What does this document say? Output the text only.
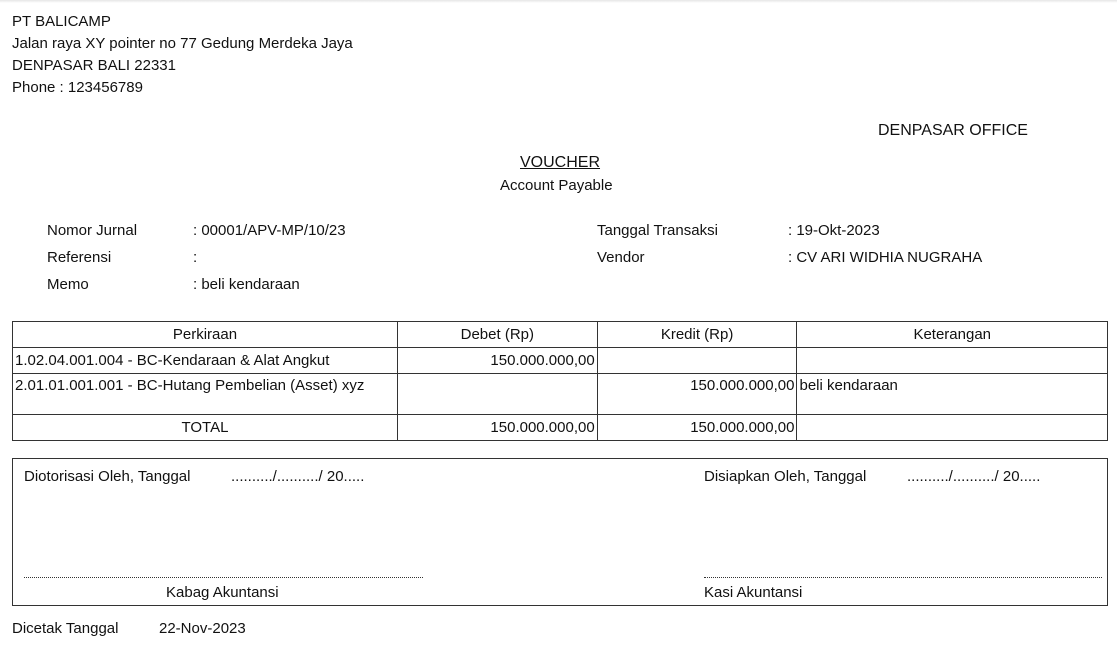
PT BALICAMP
Jalan raya XY pointer no 77 Gedung Merdeka Jaya
DENPASAR BALI 22331
Phone : 123456789
DENPASAR OFFICE
VOUCHER
Account Payable
Nomor Jurnal	: 00001/APV-MP/10/23
Referensi	:
Memo	: beli kendaraan
Tanggal Transaksi	: 19-Okt-2023
Vendor	: CV ARI WIDHIA NUGRAHA
Perkiraan	Debet (Rp)	Kredit (Rp)	Keterangan
1.02.04.001.004 - BC-Kendaraan & Alat Angkut	150.000.000,00		
2.01.01.001.001 - BC-Hutang Pembelian (Asset) xyz		150.000.000,00	beli kendaraan
TOTAL	150.000.000,00	150.000.000,00	
Diotorisasi Oleh, Tanggal	........../........../ 20.....	Disiapkan Oleh, Tanggal	........../........../ 20.....
Kabag Akuntansi	Kasi Akuntansi
Dicetak Tanggal	22-Nov-2023
